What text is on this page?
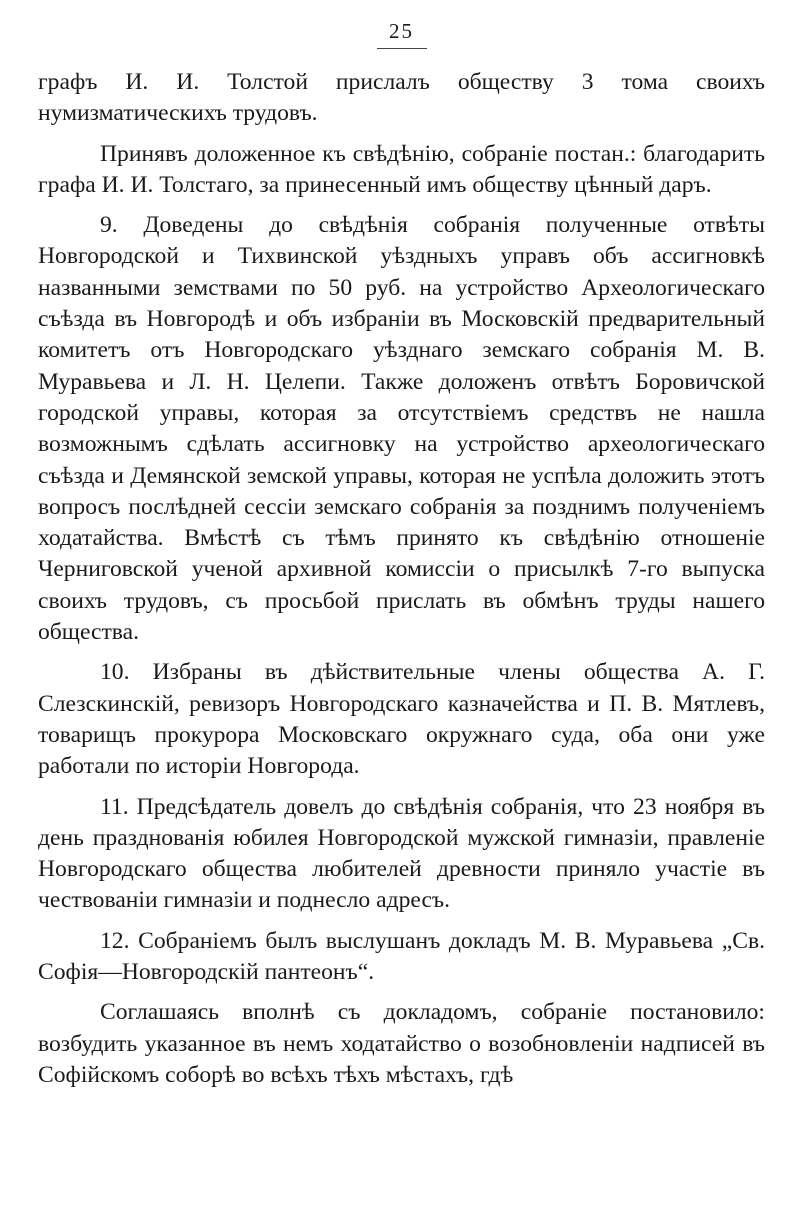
25

графъ И. И. Толстой прислалъ обществу 3 тома своихъ нумизматическихъ трудовъ.

Принявъ доложенное къ свѣдѣнію, собраніе постан.: благодарить графа И. И. Толстаго, за принесенный имъ обществу цѣнный даръ.

9. Доведены до свѣдѣнія собранія полученные отвѣты Новгородской и Тихвинской уѣздныхъ управъ объ ассигновкѣ названными земствами по 50 руб. на устройство Археологическаго съѣзда въ Новгородѣ и объ избраніи въ Московскій предварительный комитетъ отъ Новгородскаго уѣзднаго земскаго собранія М. В. Муравьева и Л. Н. Целепи. Также доложенъ отвѣтъ Боровичской городской управы, которая за отсутствіемъ средствъ не нашла возможнымъ сдѣлать ассигновку на устройство археологическаго съѣзда и Демянской земской управы, которая не успѣла доложить этотъ вопросъ послѣдней сессіи земскаго собранія за позднимъ полученіемъ ходатайства. Вмѣстѣ съ тѣмъ принято къ свѣдѣнію отношеніе Черниговской ученой архивной комиссіи о присылкѣ 7-го выпуска своихъ трудовъ, съ просьбой прислать въ обмѣнъ труды нашего общества.

10. Избраны въ дѣйствительные члены общества А. Г. Слезскинскій, ревизоръ Новгородскаго казначейства и П. В. Мятлевъ, товарищъ прокурора Московскаго окружнаго суда, оба они уже работали по исторіи Новгорода.

11. Предсѣдатель довелъ до свѣдѣнія собранія, что 23 ноября въ день празднованія юбилея Новгородской мужской гимназіи, правленіе Новгородскаго общества любителей древности приняло участіе въ чествованіи гимназіи и поднесло адресъ.

12. Собраніемъ былъ выслушанъ докладъ М. В. Муравьева „Св. Софія—Новгородскій пантеонъ“.

Соглашаясь вполнѣ съ докладомъ, собраніе постановило: возбудить указанное въ немъ ходатайство о возобновленіи надписей въ Софійскомъ соборѣ во всѣхъ тѣхъ мѣстахъ, гдѣ
